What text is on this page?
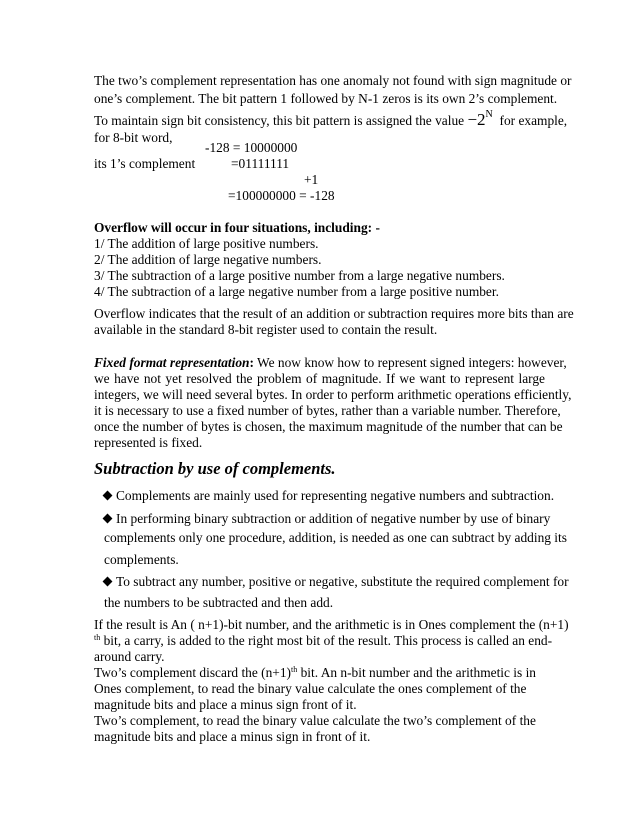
The two’s complement representation has one anomaly not found with sign magnitude or
one’s complement. The bit pattern 1 followed by N-1 zeros is its own 2’s complement.
To maintain sign bit consistency, this bit pattern is assigned the value $-2^N$ for example,
for 8-bit word,
-128 = 10000000
its 1’s complement	=01111111
+1
=100000000 = -128
Overflow will occur in four situations, including: -
1/ The addition of large positive numbers.
2/ The addition of large negative numbers.
3/ The subtraction of a large positive number from a large negative numbers.
4/ The subtraction of a large negative number from a large positive number.
Overflow indicates that the result of an addition or subtraction requires more bits than are
available in the standard 8-bit register used to contain the result.
Fixed format representation: We now know how to represent signed integers: however,
we have not yet resolved the problem of magnitude. If we want to represent large
integers, we will need several bytes. In order to perform arithmetic operations efficiently,
it is necessary to use a fixed number of bytes, rather than a variable number. Therefore,
once the number of bytes is chosen, the maximum magnitude of the number that can be
represented is fixed.
Subtraction by use of complements.
Complements are mainly used for representing negative numbers and subtraction.
In performing binary subtraction or addition of negative number by use of binary
complements only one procedure, addition, is needed as one can subtract by adding its
complements.
To subtract any number, positive or negative, substitute the required complement for
the numbers to be subtracted and then add.
If the result is An ( n+1)-bit number, and the arithmetic is in Ones complement the (n+1)
$^{th}$ bit, a carry, is added to the right most bit of the result. This process is called an end-
around carry.
Two’s complement discard the $(n+1)^{th}$ bit. An n-bit number and the arithmetic is in
Ones complement, to read the binary value calculate the ones complement of the
magnitude bits and place a minus sign front of it.
Two’s complement, to read the binary value calculate the two’s complement of the
magnitude bits and place a minus sign in front of it.
